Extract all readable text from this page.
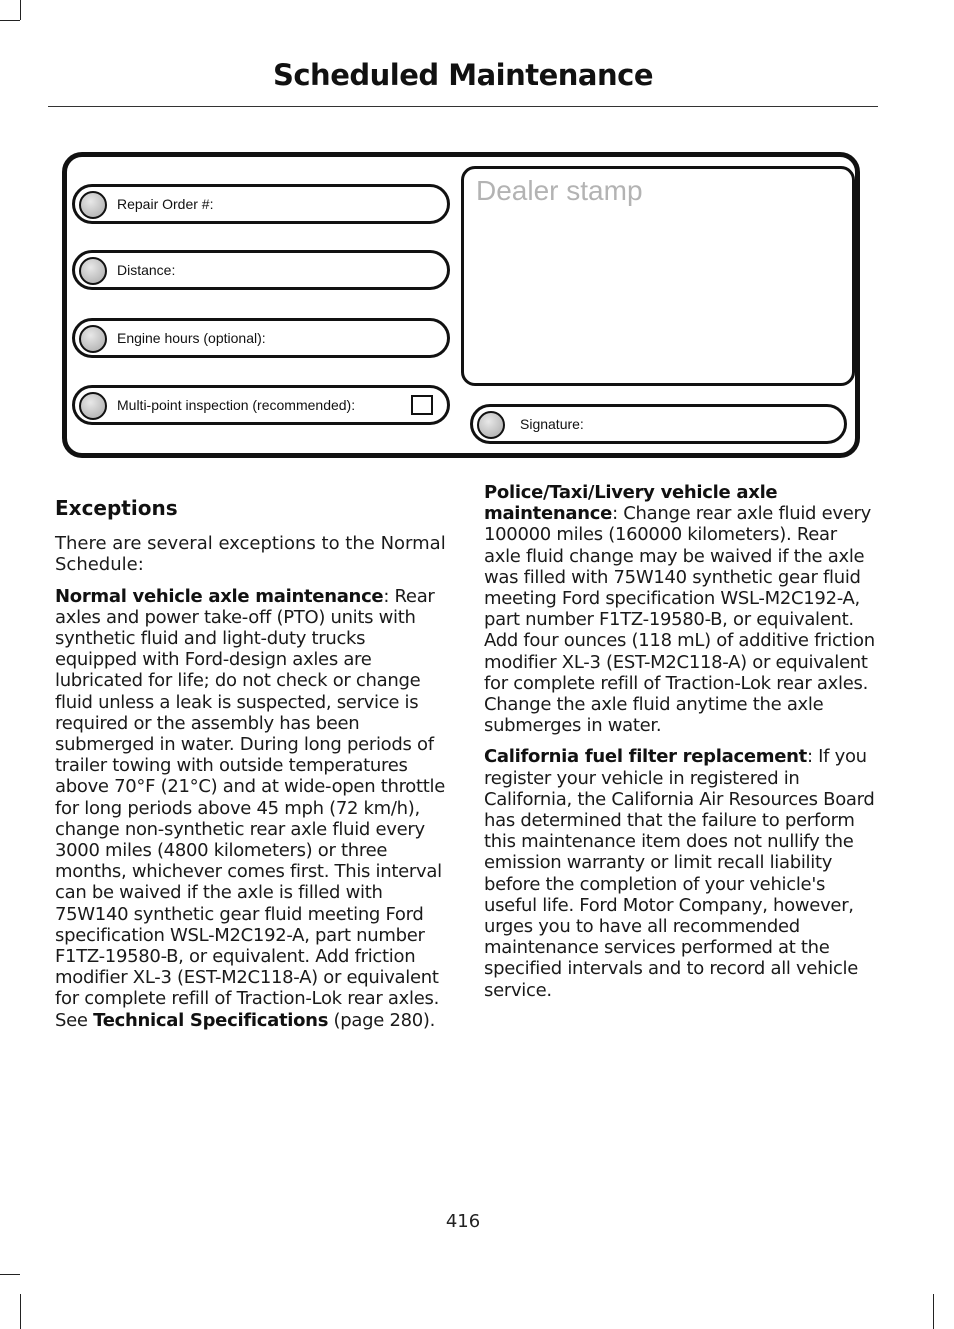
Scheduled Maintenance
Repair Order #:
Distance:
Engine hours (optional):
Multi-point inspection (recommended):
Dealer stamp
Signature:
Exceptions

There are several exceptions to the Normal Schedule:

Normal vehicle axle maintenance: Rear axles and power take-off (PTO) units with synthetic fluid and light-duty trucks equipped with Ford-design axles are lubricated for life; do not check or change fluid unless a leak is suspected, service is required or the assembly has been submerged in water. During long periods of trailer towing with outside temperatures above 70°F (21°C) and at wide-open throttle for long periods above 45 mph (72 km/h), change non-synthetic rear axle fluid every 3000 miles (4800 kilometers) or three months, whichever comes first. This interval can be waived if the axle is filled with 75W140 synthetic gear fluid meeting Ford specification WSL-M2C192-A, part number F1TZ-19580-B, or equivalent. Add friction modifier XL-3 (EST-M2C118-A) or equivalent for complete refill of Traction-Lok rear axles. See Technical Specifications (page 280).

Police/Taxi/Livery vehicle axle maintenance: Change rear axle fluid every 100000 miles (160000 kilometers). Rear axle fluid change may be waived if the axle was filled with 75W140 synthetic gear fluid meeting Ford specification WSL-M2C192-A, part number F1TZ-19580-B, or equivalent. Add four ounces (118 mL) of additive friction modifier XL-3 (EST-M2C118-A) or equivalent for complete refill of Traction-Lok rear axles. Change the axle fluid anytime the axle submerges in water.

California fuel filter replacement: If you register your vehicle in registered in California, the California Air Resources Board has determined that the failure to perform this maintenance item does not nullify the emission warranty or limit recall liability before the completion of your vehicle's useful life. Ford Motor Company, however, urges you to have all recommended maintenance services performed at the specified intervals and to record all vehicle service.

416
